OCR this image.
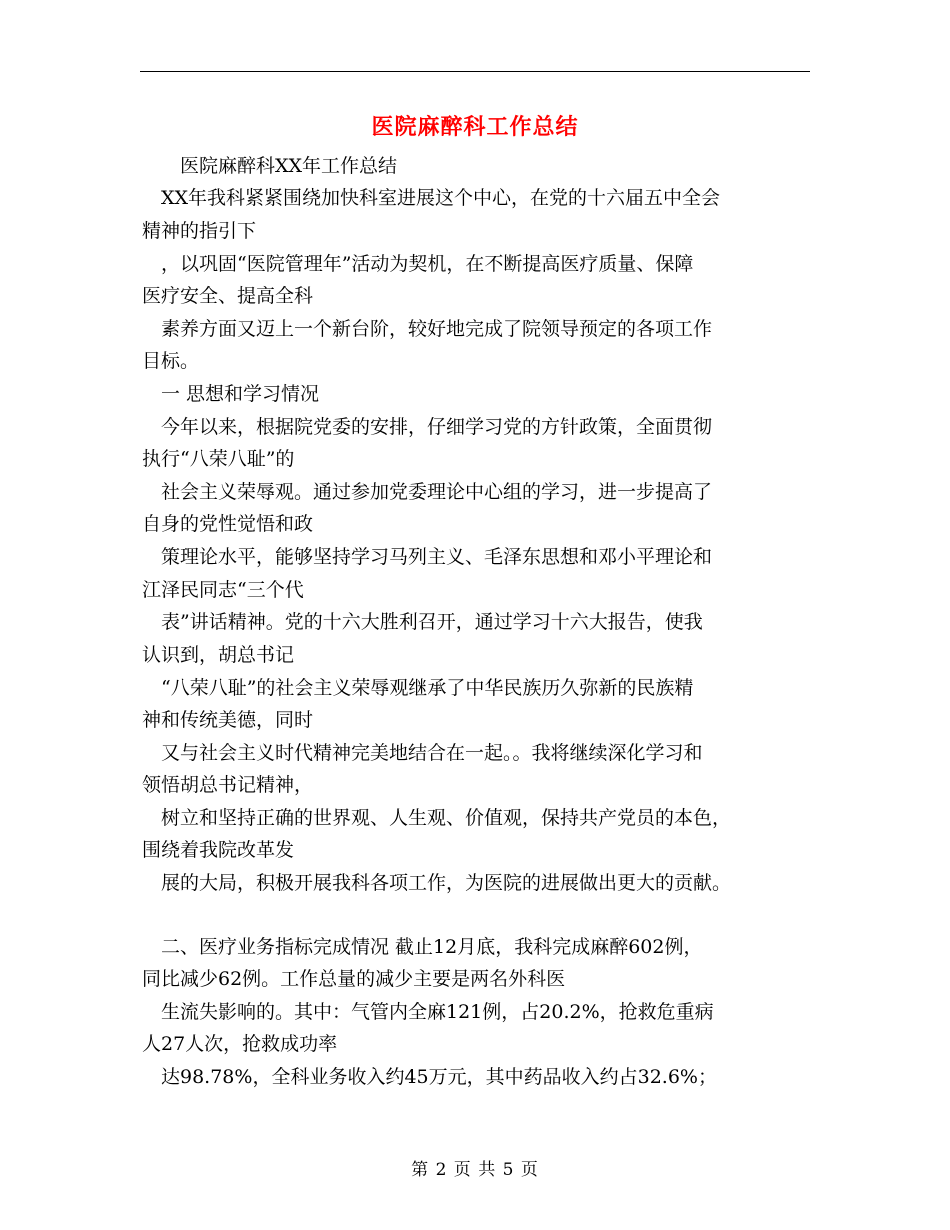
医院麻醉科工作总结
　　医院麻醉科XX年工作总结
　XX年我科紧紧围绕加快科室进展这个中心，在党的十六届五中全会
精神的指引下
　，以巩固“医院管理年”活动为契机，在不断提高医疗质量、保障
医疗安全、提高全科
　素养方面又迈上一个新台阶，较好地完成了院领导预定的各项工作
目标。
　一 思想和学习情况
　今年以来，根据院党委的安排，仔细学习党的方针政策，全面贯彻
执行“八荣八耻”的
　社会主义荣辱观。通过参加党委理论中心组的学习，进一步提高了
自身的党性觉悟和政
　策理论水平，能够坚持学习马列主义、毛泽东思想和邓小平理论和
江泽民同志“三个代
　表”讲话精神。党的十六大胜利召开，通过学习十六大报告，使我
认识到，胡总书记
　“八荣八耻”的社会主义荣辱观继承了中华民族历久弥新的民族精
神和传统美德，同时
　又与社会主义时代精神完美地结合在一起。。我将继续深化学习和
领悟胡总书记精神，
　树立和坚持正确的世界观、人生观、价值观，保持共产党员的本色，
围绕着我院改革发
　展的大局，积极开展我科各项工作，为医院的进展做出更大的贡献。
　二、医疗业务指标完成情况 截止12月底，我科完成麻醉602例，
同比减少62例。工作总量的减少主要是两名外科医
　生流失影响的。其中：气管内全麻121例，占20.2%，抢救危重病
人27人次，抢救成功率
　达98.78%，全科业务收入约45万元，其中药品收入约占32.6%；
第 2 页 共 5 页
